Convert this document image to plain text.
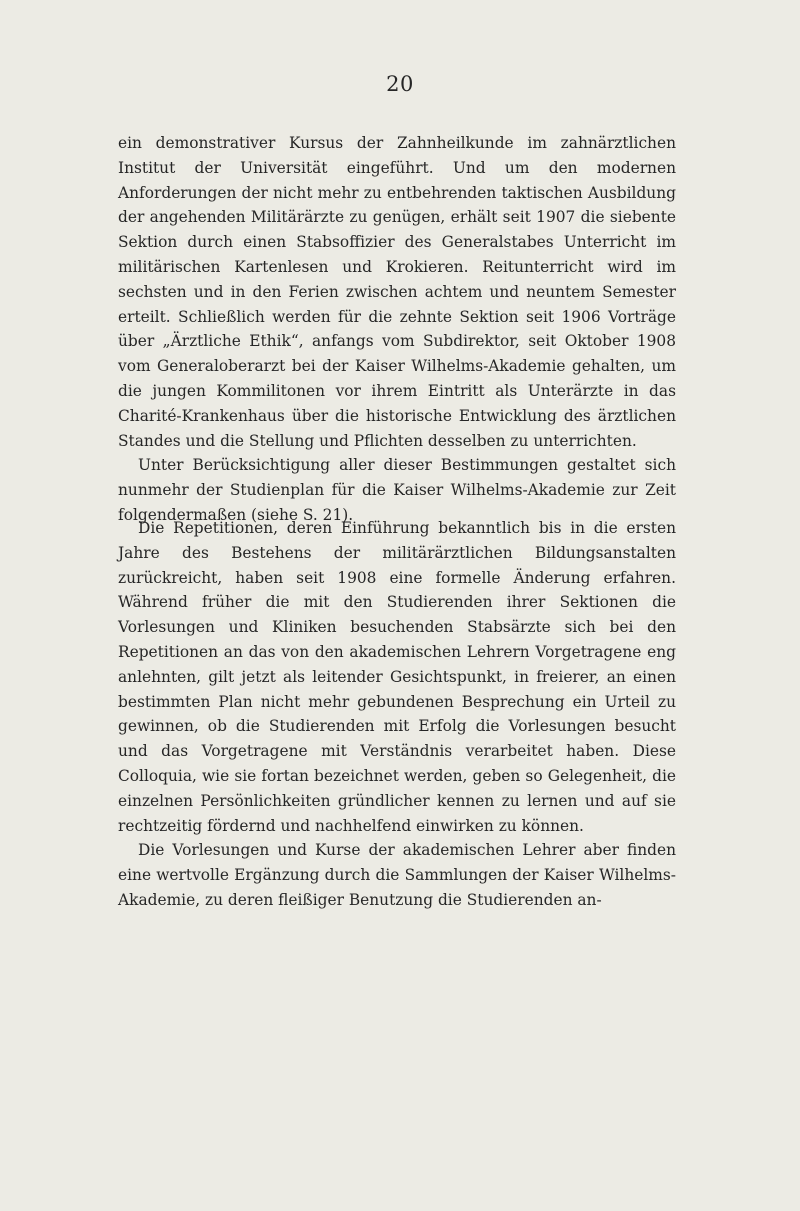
20

ein demonstrativer Kursus der Zahnheilkunde im zahnärztlichen Institut der Universität eingeführt. Und um den modernen Anforderungen der nicht mehr zu entbehrenden taktischen Ausbildung der angehenden Militärärzte zu genügen, erhält seit 1907 die siebente Sektion durch einen Stabsoffizier des Generalstabes Unterricht im militärischen Kartenlesen und Krokieren. Reitunterricht wird im sechsten und in den Ferien zwischen achtem und neuntem Semester erteilt. Schließlich werden für die zehnte Sektion seit 1906 Vorträge über „Ärztliche Ethik“, anfangs vom Subdirektor, seit Oktober 1908 vom Generaloberarzt bei der Kaiser Wilhelms-Akademie gehalten, um die jungen Kommilitonen vor ihrem Eintritt als Unterärzte in das Charité-Krankenhaus über die historische Entwicklung des ärztlichen Standes und die Stellung und Pflichten desselben zu unterrichten.

Unter Berücksichtigung aller dieser Bestimmungen gestaltet sich nunmehr der Studienplan für die Kaiser Wilhelms-Akademie zur Zeit folgendermaßen (siehe S. 21).

Die Repetitionen, deren Einführung bekanntlich bis in die ersten Jahre des Bestehens der militärärztlichen Bildungsanstalten zurückreicht, haben seit 1908 eine formelle Änderung erfahren. Während früher die mit den Studierenden ihrer Sektionen die Vorlesungen und Kliniken besuchenden Stabsärzte sich bei den Repetitionen an das von den akademischen Lehrern Vorgetragene eng anlehnten, gilt jetzt als leitender Gesichtspunkt, in freierer, an einen bestimmten Plan nicht mehr gebundenen Besprechung ein Urteil zu gewinnen, ob die Studierenden mit Erfolg die Vorlesungen besucht und das Vorgetragene mit Verständnis verarbeitet haben. Diese Colloquia, wie sie fortan bezeichnet werden, geben so Gelegenheit, die einzelnen Persönlichkeiten gründlicher kennen zu lernen und auf sie rechtzeitig fördernd und nachhelfend einwirken zu können.

Die Vorlesungen und Kurse der akademischen Lehrer aber finden eine wertvolle Ergänzung durch die Sammlungen der Kaiser Wilhelms-Akademie, zu deren fleißiger Benutzung die Studierenden an-
